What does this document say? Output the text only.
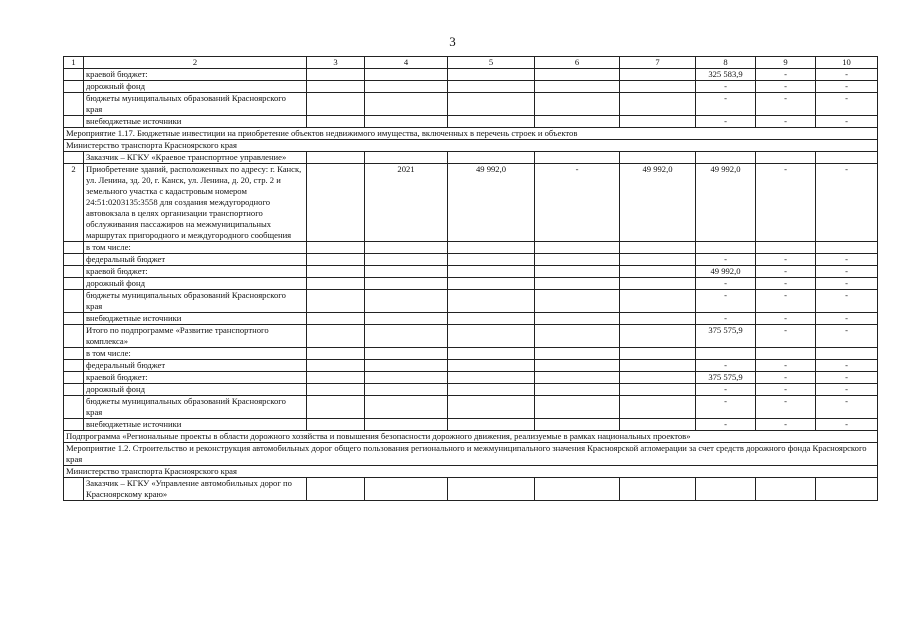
3
1	2	3	4	5	6	7	8	9	10
	краевой бюджет:						325 583,9	-	-
	дорожный фонд						-	-	-
	бюджеты муниципальных образований Красноярского края						-	-	-
	внебюджетные источники						-	-	-
Мероприятие 1.17. Бюджетные инвестиции на приобретение объектов недвижимого имущества, включенных в перечень строек и объектов									
Министерство транспорта Красноярского края									
	Заказчик – КГКУ «Краевое транспортное управление»								
2	Приобретение зданий, расположенных по адресу: г. Канск, ул. Ленина, зд. 20, г. Канск, ул. Ленина, д. 20, стр. 2 и земельного участка с кадастровым номером 24:51:0203135:3558 для создания междугородного автовокзала в целях организации транспортного обслуживания пассажиров на межмуниципальных маршрутах пригородного и междугородного сообщения		2021	49 992,0	-	49 992,0	49 992,0	-	-
	в том числе:								
	федеральный бюджет						-	-	-
	краевой бюджет:						49 992,0	-	-
	дорожный фонд						-	-	-
	бюджеты муниципальных образований Красноярского края						-	-	-
	внебюджетные источники						-	-	-
	Итого по подпрограмме «Развитие транспортного комплекса»						375 575,9	-	-
	в том числе:								
	федеральный бюджет						-	-	-
	краевой бюджет:						375 575,9	-	-
	дорожный фонд						-	-	-
	бюджеты муниципальных образований Красноярского края						-	-	-
	внебюджетные источники						-	-	-
Подпрограмма «Региональные проекты в области дорожного хозяйства и повышения безопасности дорожного движения, реализуемые в рамках национальных проектов»									
Мероприятие 1.2. Строительство и реконструкция автомобильных дорог общего пользования регионального и межмуниципального значения Красноярской агломерации за счет средств дорожного фонда Красноярского края									
Министерство транспорта Красноярского края									
	Заказчик – КГКУ «Управление автомобильных дорог по Красноярскому краю»								
